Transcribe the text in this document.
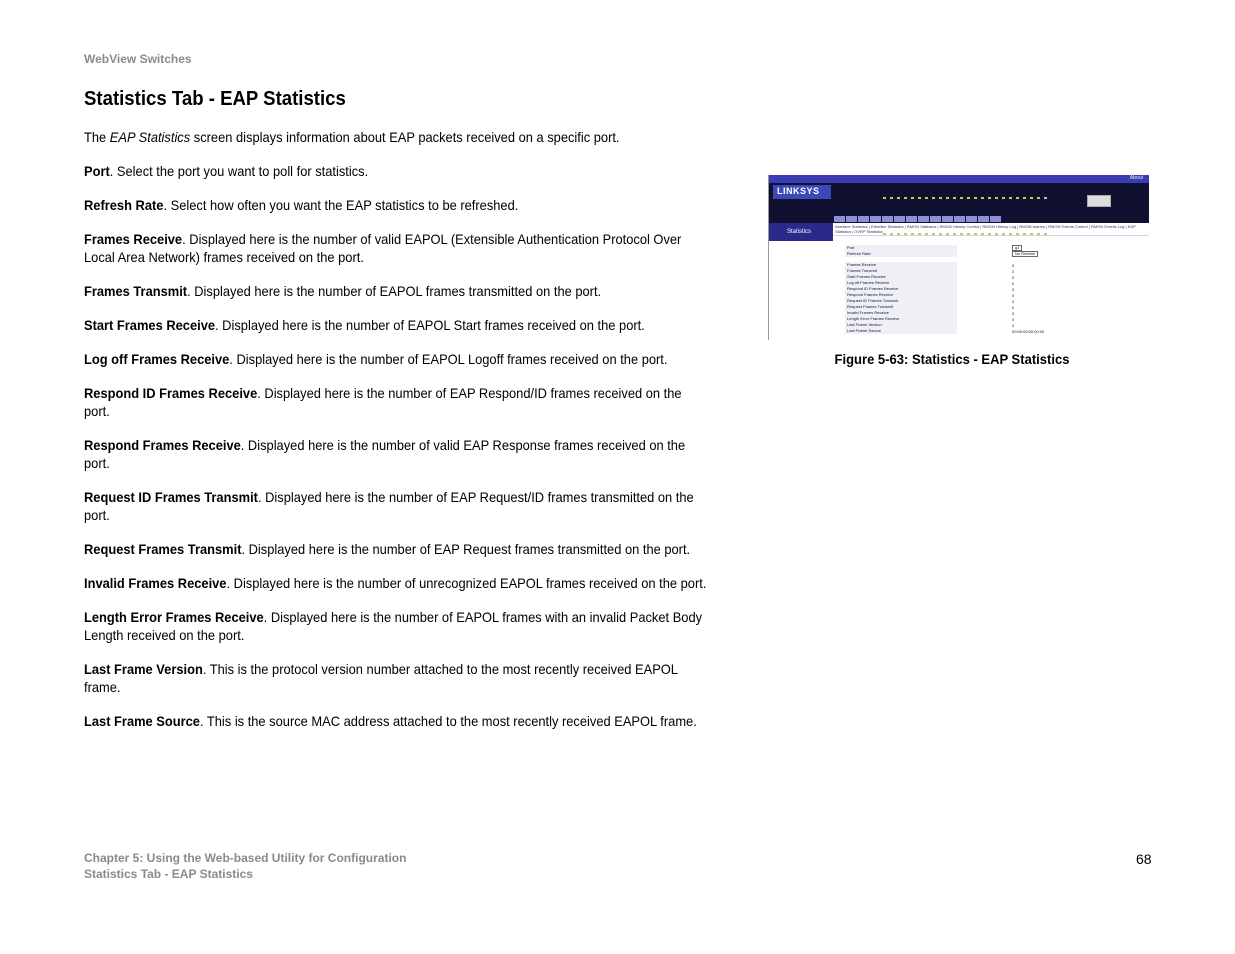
WebView Switches
Statistics Tab - EAP Statistics

The EAP Statistics screen displays information about EAP packets received on a specific port.

Port. Select the port you want to poll for statistics.

Refresh Rate. Select how often you want the EAP statistics to be refreshed.

Frames Receive. Displayed here is the number of valid EAPOL (Extensible Authentication Protocol Over Local Area Network) frames received on the port.

Frames Transmit. Displayed here is the number of EAPOL frames transmitted on the port.

Start Frames Receive. Displayed here is the number of EAPOL Start frames received on the port.

Log off Frames Receive. Displayed here is the number of EAPOL Logoff frames received on the port.

Respond ID Frames Receive. Displayed here is the number of EAP Respond/ID frames received on the port.

Respond Frames Receive. Displayed here is the number of valid EAP Response frames received on the port.

Request ID Frames Transmit. Displayed here is the number of EAP Request/ID frames transmitted on the port.

Request Frames Transmit. Displayed here is the number of EAP Request frames transmitted on the port.

Invalid Frames Receive. Displayed here is the number of unrecognized EAPOL frames received on the port.

Length Error Frames Receive. Displayed here is the number of EAPOL frames with an invalid Packet Body Length received on the port.

Last Frame Version. This is the protocol version number attached to the most recently received EAPOL frame.

Last Frame Source. This is the source MAC address attached to the most recently received EAPOL frame.

About
LINKSYS
Statistics
Interface Statistics | Etherlike Statistics | RMON Statistics | RMON History Control | RMON History Log | RMON Alarms | RMON Events Control | RMON Events Log | EAP Statistics | GVRP Statistics
Port	g1
Refresh Rate	No Refresh
Frames Receive	0
Frames Transmit	2
Start Frames Receive	0
Log off Frames Receive	0
Respond ID Frames Receive	0
Respond Frames Receive	0
Request ID Frames Transmit	0
Request Frames Transmit	0
Invalid Frames Receive	0
Length Error Frames Receive	0
Last Frame Version	0
Last Frame Source	00:00:00:00:00:00
Figure 5-63: Statistics - EAP Statistics
Chapter 5: Using the Web-based Utility for Configuration
Statistics Tab - EAP Statistics
68
